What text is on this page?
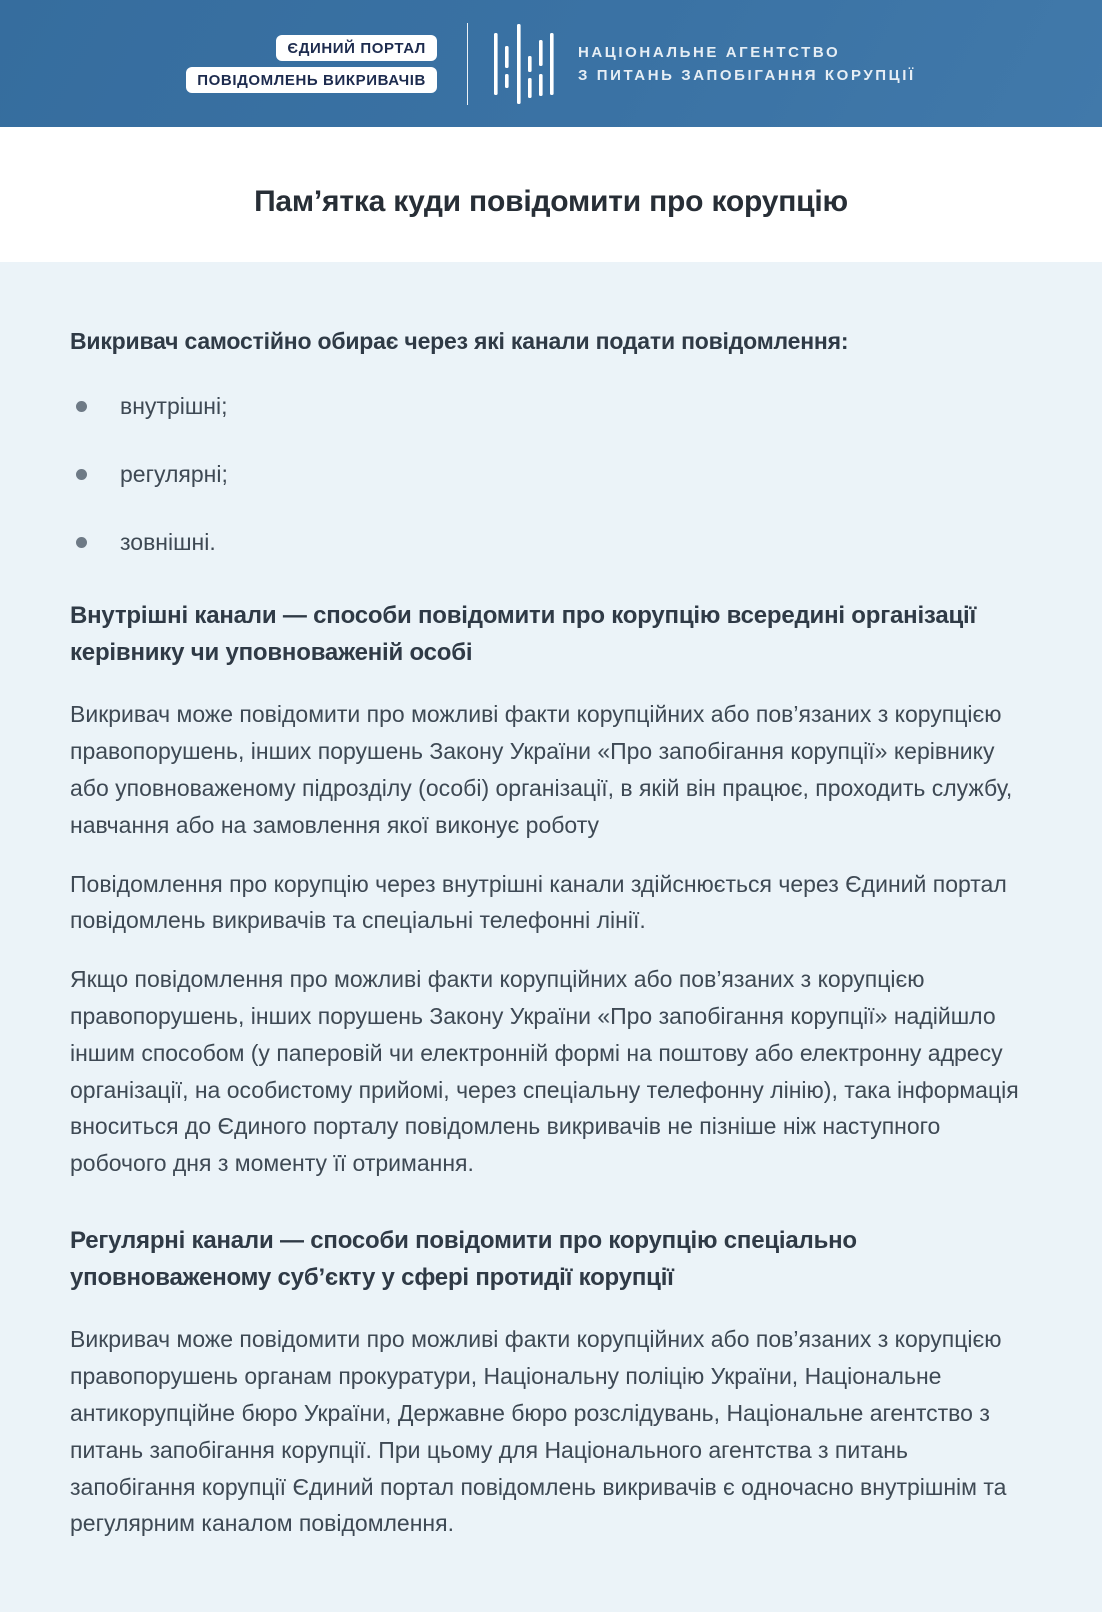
ЄДИНИЙ ПОРТАЛ
ПОВІДОМЛЕНЬ ВИКРИВАЧІВ
НАЦІОНАЛЬНЕ АГЕНТСТВО
З ПИТАНЬ ЗАПОБІГАННЯ КОРУПЦІЇ
Пам’ятка куди повідомити про корупцію

Викривач самостійно обирає через які канали подати повідомлення:

внутрішні;
регулярні;
зовнішні.
Внутрішні канали — способи повідомити про корупцію всередині організації керівнику чи уповноваженій особі

Викривач може повідомити про можливі факти корупційних або пов’язаних з корупцією правопорушень, інших порушень Закону України «Про запобігання корупції» керівнику або уповноваженому підрозділу (особі) організації, в якій він працює, проходить службу, навчання або на замовлення якої виконує роботу

Повідомлення про корупцію через внутрішні канали здійснюється через Єдиний портал повідомлень викривачів та спеціальні телефонні лінії.

Якщо повідомлення про можливі факти корупційних або пов’язаних з корупцією правопорушень, інших порушень Закону України «Про запобігання корупції» надійшло іншим способом (у паперовій чи електронній формі на поштову або електронну адресу організації, на особистому прийомі, через спеціальну телефонну лінію), така інформація вноситься до Єдиного порталу повідомлень викривачів не пізніше ніж наступного робочого дня з моменту її отримання.

Регулярні канали — способи повідомити про корупцію спеціально уповноваженому суб’єкту у сфері протидії корупції

Викривач може повідомити про можливі факти корупційних або пов’язаних з корупцією правопорушень органам прокуратури, Національну поліцію України, Національне антикорупційне бюро України, Державне бюро розслідувань, Національне агентство з питань запобігання корупції. При цьому для Національного агентства з питань запобігання корупції Єдиний портал повідомлень викривачів є одночасно внутрішнім та регулярним каналом повідомлення.
